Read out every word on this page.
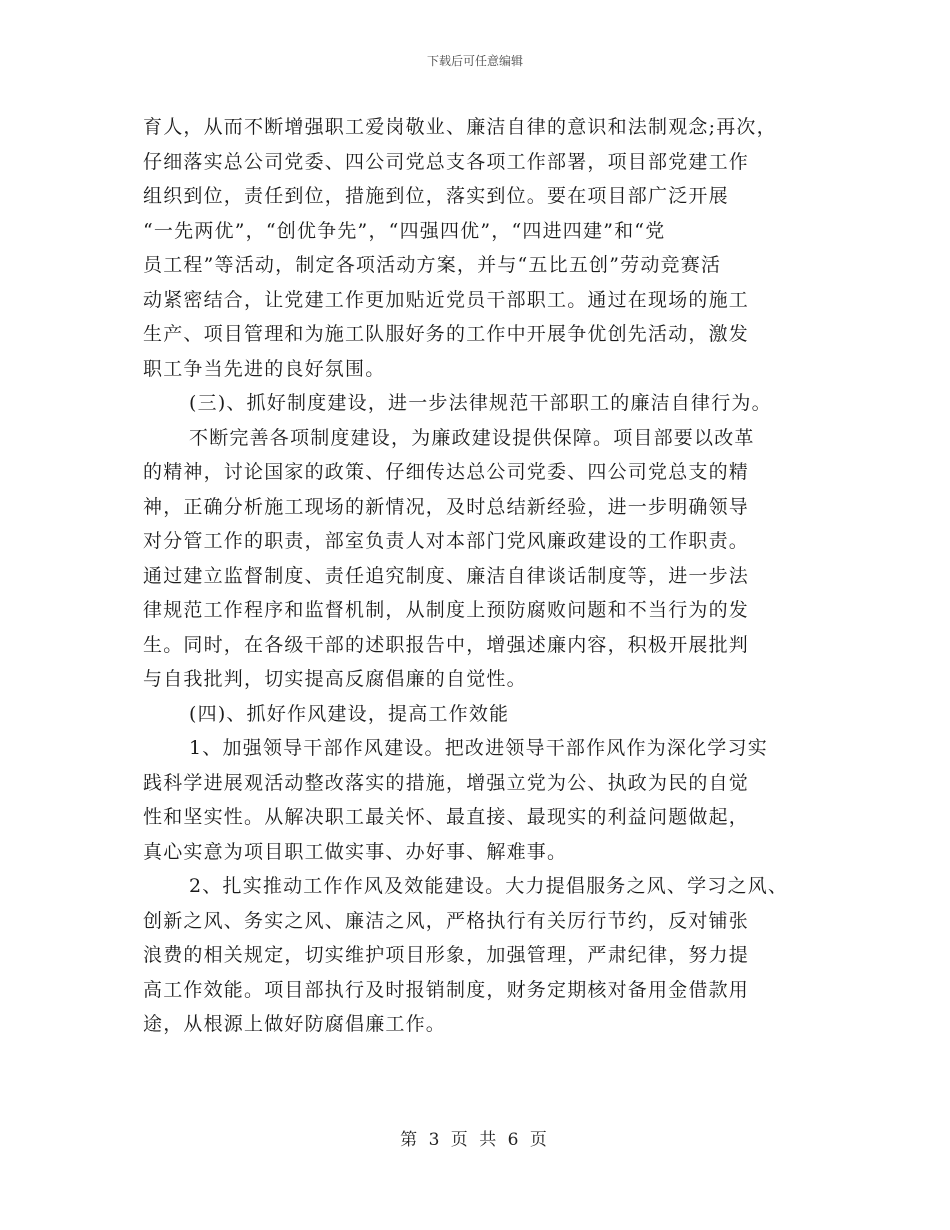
下载后可任意编辑
育人，从而不断增强职工爱岗敬业、廉洁自律的意识和法制观念;再次，
仔细落实总公司党委、四公司党总支各项工作部署，项目部党建工作
组织到位，责任到位，措施到位，落实到位。要在项目部广泛开展
“一先两优”，“创优争先”，“四强四优”，“四进四建”和“党
员工程”等活动，制定各项活动方案，并与“五比五创”劳动竞赛活
动紧密结合，让党建工作更加贴近党员干部职工。通过在现场的施工
生产、项目管理和为施工队服好务的工作中开展争优创先活动，激发
职工争当先进的良好氛围。
(三)、抓好制度建设，进一步法律规范干部职工的廉洁自律行为。
不断完善各项制度建设，为廉政建设提供保障。项目部要以改革
的精神，讨论国家的政策、仔细传达总公司党委、四公司党总支的精
神，正确分析施工现场的新情况，及时总结新经验，进一步明确领导
对分管工作的职责，部室负责人对本部门党风廉政建设的工作职责。
通过建立监督制度、责任追究制度、廉洁自律谈话制度等，进一步法
律规范工作程序和监督机制，从制度上预防腐败问题和不当行为的发
生。同时，在各级干部的述职报告中，增强述廉内容，积极开展批判
与自我批判，切实提高反腐倡廉的自觉性。
(四)、抓好作风建设，提高工作效能
1、加强领导干部作风建设。把改进领导干部作风作为深化学习实
践科学进展观活动整改落实的措施，增强立党为公、执政为民的自觉
性和坚实性。从解决职工最关怀、最直接、最现实的利益问题做起，
真心实意为项目职工做实事、办好事、解难事。
2、扎实推动工作作风及效能建设。大力提倡服务之风、学习之风、
创新之风、务实之风、廉洁之风，严格执行有关厉行节约，反对铺张
浪费的相关规定，切实维护项目形象，加强管理，严肃纪律，努力提
高工作效能。项目部执行及时报销制度，财务定期核对备用金借款用
途，从根源上做好防腐倡廉工作。
第 3 页 共 6 页
